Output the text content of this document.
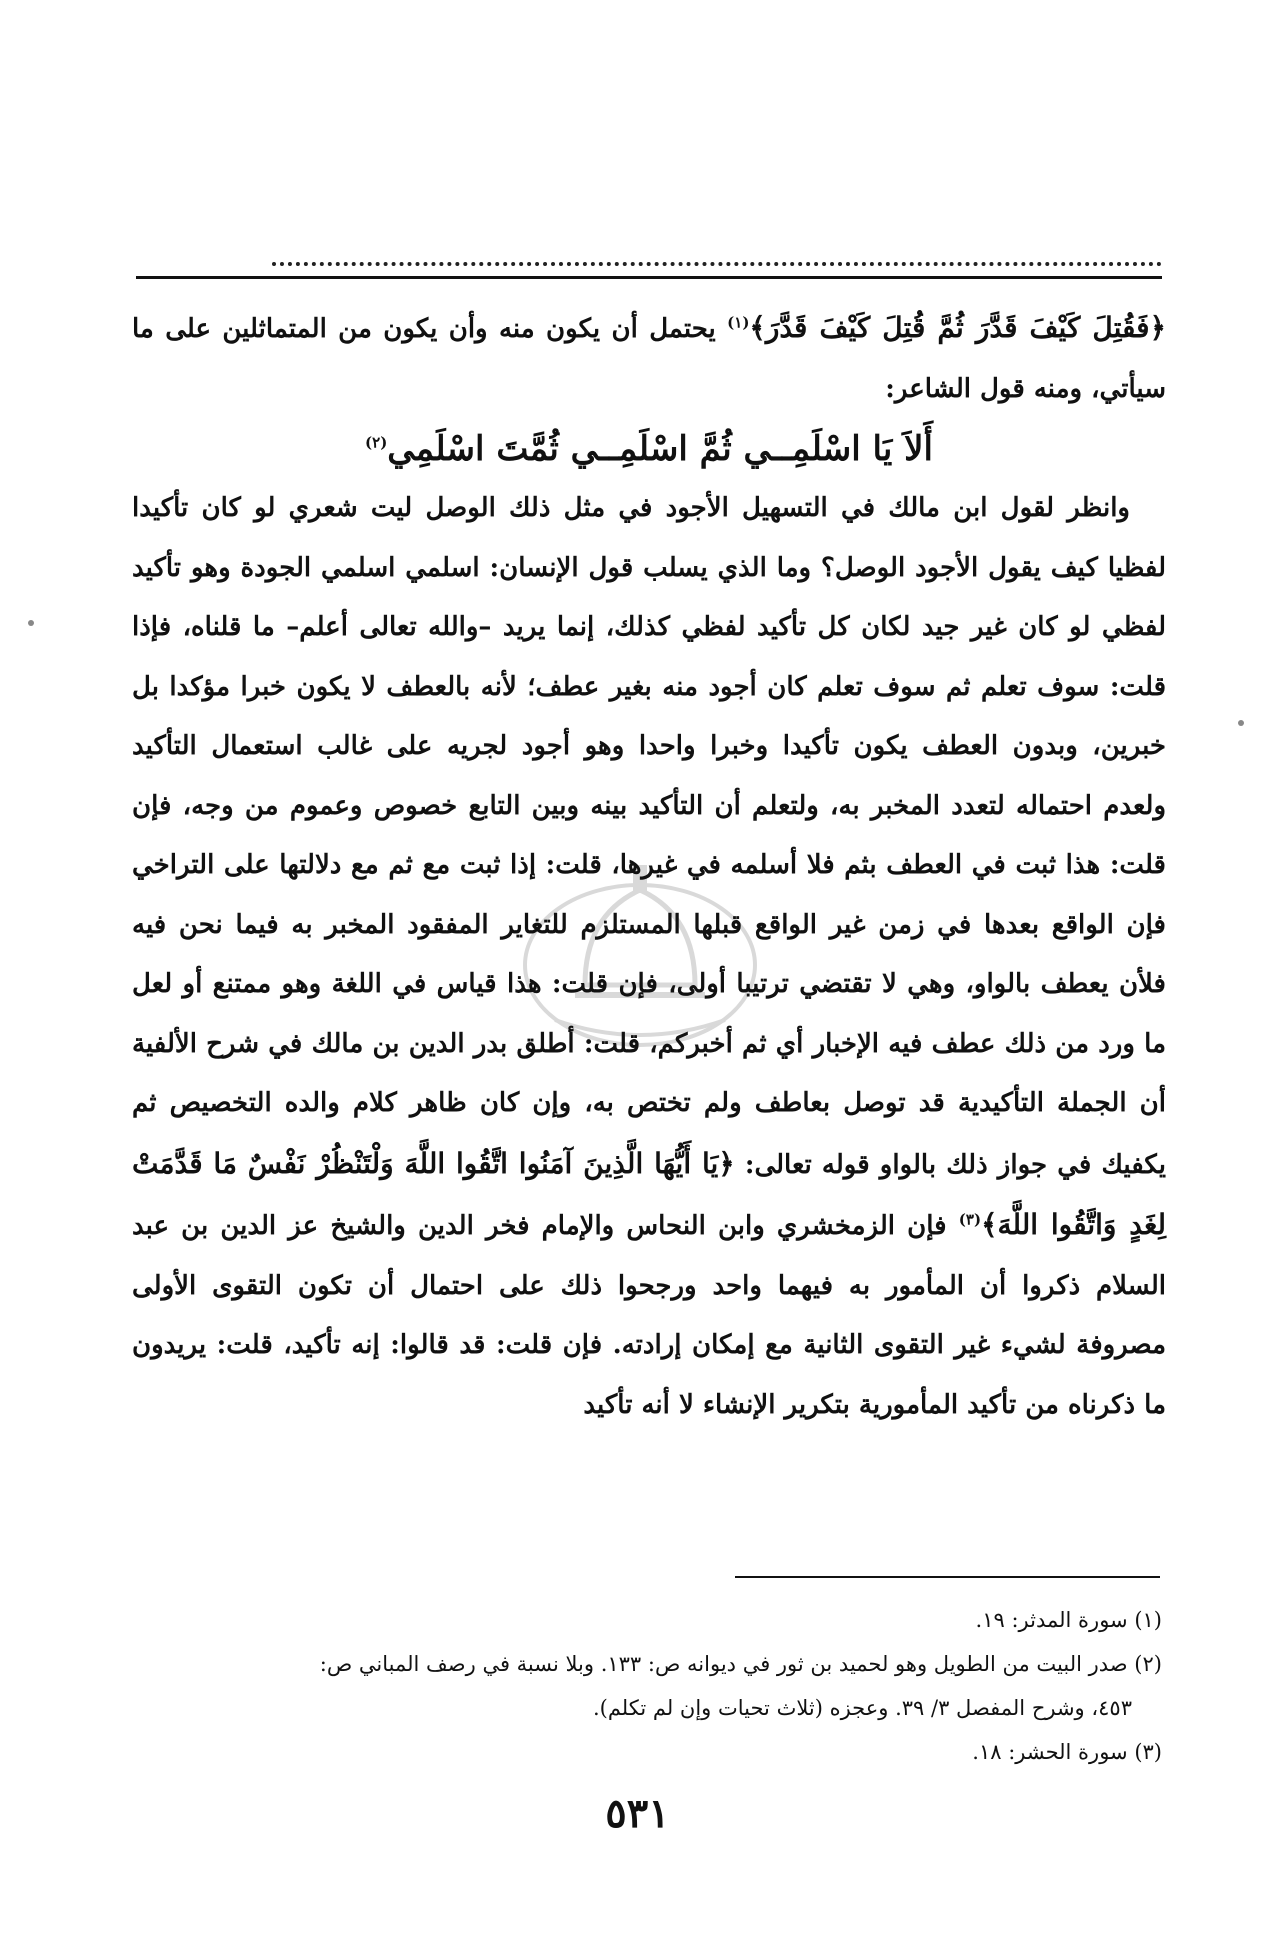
﴿فَقُتِلَ كَيْفَ قَدَّرَ ثُمَّ قُتِلَ كَيْفَ قَدَّرَ﴾$^{(١)}$ يحتمل أن يكون منه وأن يكون من المتماثلين على ما سيأتي، ومنه قول الشاعر:

أَلاَ يَا اسْلَمِــي ثُمَّ اسْلَمِــي ثُمَّتَ اسْلَمِي$^{(٢)}$

وانظر لقول ابن مالك في التسهيل الأجود في مثل ذلك الوصل ليت شعري لو كان تأكيدا لفظيا كيف يقول الأجود الوصل؟ وما الذي يسلب قول الإنسان: اسلمي اسلمي الجودة وهو تأكيد لفظي لو كان غير جيد لكان كل تأكيد لفظي كذلك، إنما يريد –والله تعالى أعلم– ما قلناه، فإذا قلت: سوف تعلم ثم سوف تعلم كان أجود منه بغير عطف؛ لأنه بالعطف لا يكون خبرا مؤكدا بل خبرين، وبدون العطف يكون تأكيدا وخبرا واحدا وهو أجود لجريه على غالب استعمال التأكيد ولعدم احتماله لتعدد المخبر به، ولتعلم أن التأكيد بينه وبين التابع خصوص وعموم من وجه، فإن قلت: هذا ثبت في العطف بثم فلا أسلمه في غيرها، قلت: إذا ثبت مع ثم مع دلالتها على التراخي فإن الواقع بعدها في زمن غير الواقع قبلها المستلزم للتغاير المفقود المخبر به فيما نحن فيه فلأن يعطف بالواو، وهي لا تقتضي ترتيبا أولى، فإن قلت: هذا قياس في اللغة وهو ممتنع أو لعل ما ورد من ذلك عطف فيه الإخبار أي ثم أخبركم، قلت: أطلق بدر الدين بن مالك في شرح الألفية أن الجملة التأكيدية قد توصل بعاطف ولم تختص به، وإن كان ظاهر كلام والده التخصيص ثم يكفيك في جواز ذلك بالواو قوله تعالى: ﴿يَا أَيُّهَا الَّذِينَ آمَنُوا اتَّقُوا اللَّهَ وَلْتَنْظُرْ نَفْسٌ مَا قَدَّمَتْ لِغَدٍ وَاتَّقُوا اللَّهَ﴾$^{(٣)}$ فإن الزمخشري وابن النحاس والإمام فخر الدين والشيخ عز الدين بن عبد السلام ذكروا أن المأمور به فيهما واحد ورجحوا ذلك على احتمال أن تكون التقوى الأولى مصروفة لشيء غير التقوى الثانية مع إمكان إرادته. فإن قلت: قد قالوا: إنه تأكيد، قلت: يريدون ما ذكرناه من تأكيد المأمورية بتكرير الإنشاء لا أنه تأكيد

(١) سورة المدثر: ١٩.

(٢) صدر البيت من الطويل وهو لحميد بن ثور في ديوانه ص: ١٣٣. وبلا نسبة في رصف المباني ص:

٤٥٣، وشرح المفصل ٣/ ٣٩. وعجزه (ثلاث تحيات وإن لم تكلم).

(٣) سورة الحشر: ١٨.

٥٣١
